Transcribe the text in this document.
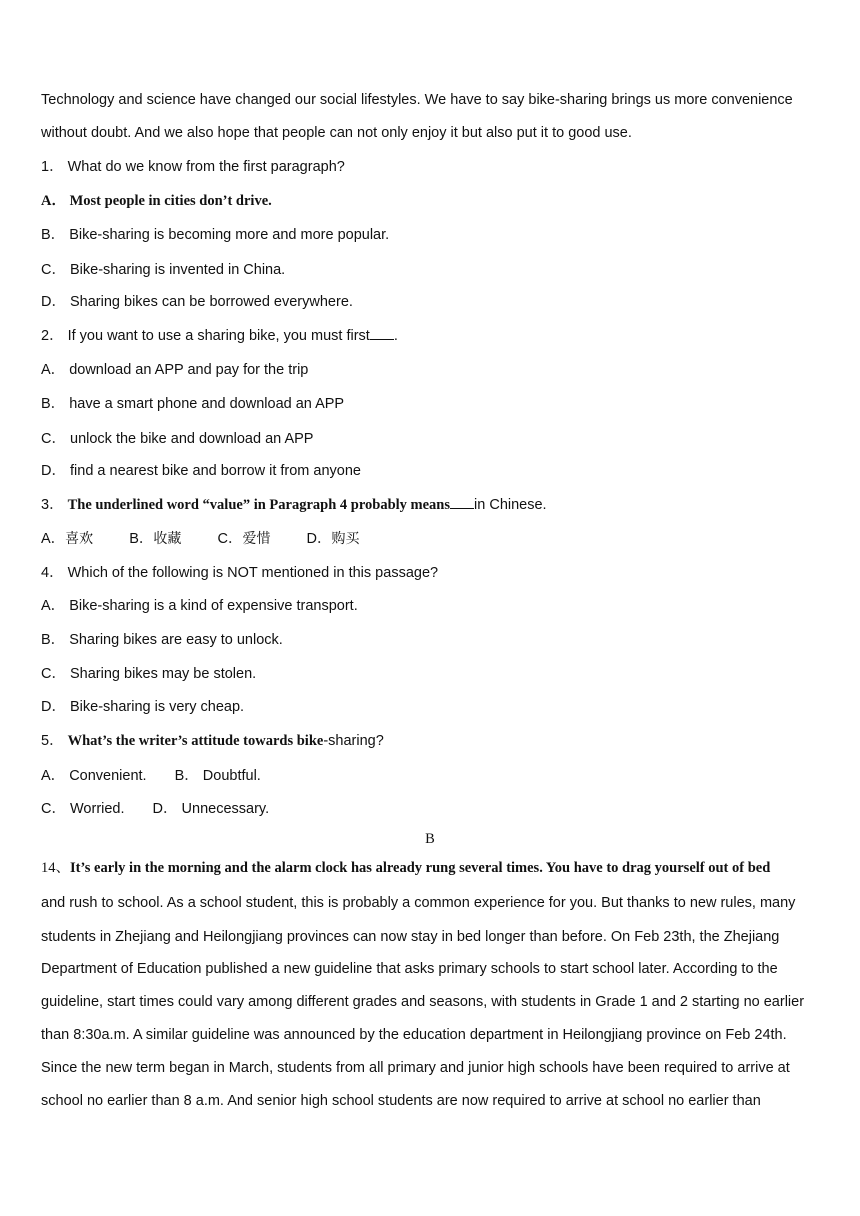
Technology and science have changed our social lifestyles. We have to say bike-sharing brings us more convenience
without doubt. And we also hope that people can not only enjoy it but also put it to good use.
1． What do we know from the first paragraph?
A． Most people in cities don’t drive.
B． Bike-sharing is becoming more and more popular.
C． Bike-sharing is invented in China.
D． Sharing bikes can be borrowed everywhere.
2． If you want to use a sharing bike, you must first .
A． download an APP and pay for the trip
B． have a smart phone and download an APP
C． unlock the bike and download an APP
D． find a nearest bike and borrow it from anyone
3． The underlined word “value” in Paragraph 4 probably means in Chinese.
A．喜欢 B．收藏 C．爱惜 D．购买
4． Which of the following is NOT mentioned in this passage?
A． Bike-sharing is a kind of expensive transport.
B． Sharing bikes are easy to unlock.
C． Sharing bikes may be stolen.
D． Bike-sharing is very cheap.
5． What’s the writer’s attitude towards bike-sharing?
A． Convenient. B． Doubtful.
C． Worried. D． Unnecessary.
B
14、It’s early in the morning and the alarm clock has already rung several times. You have to drag yourself out of bed
and rush to school. As a school student, this is probably a common experience for you. But thanks to new rules, many
students in Zhejiang and Heilongjiang provinces can now stay in bed longer than before. On Feb 23th, the Zhejiang
Department of Education published a new guideline that asks primary schools to start school later. According to the
guideline, start times could vary among different grades and seasons, with students in Grade 1 and 2 starting no earlier
than 8:30a.m. A similar guideline was announced by the education department in Heilongjiang province on Feb 24th.
Since the new term began in March, students from all primary and junior high schools have been required to arrive at
school no earlier than 8 a.m. And senior high school students are now required to arrive at school no earlier than
